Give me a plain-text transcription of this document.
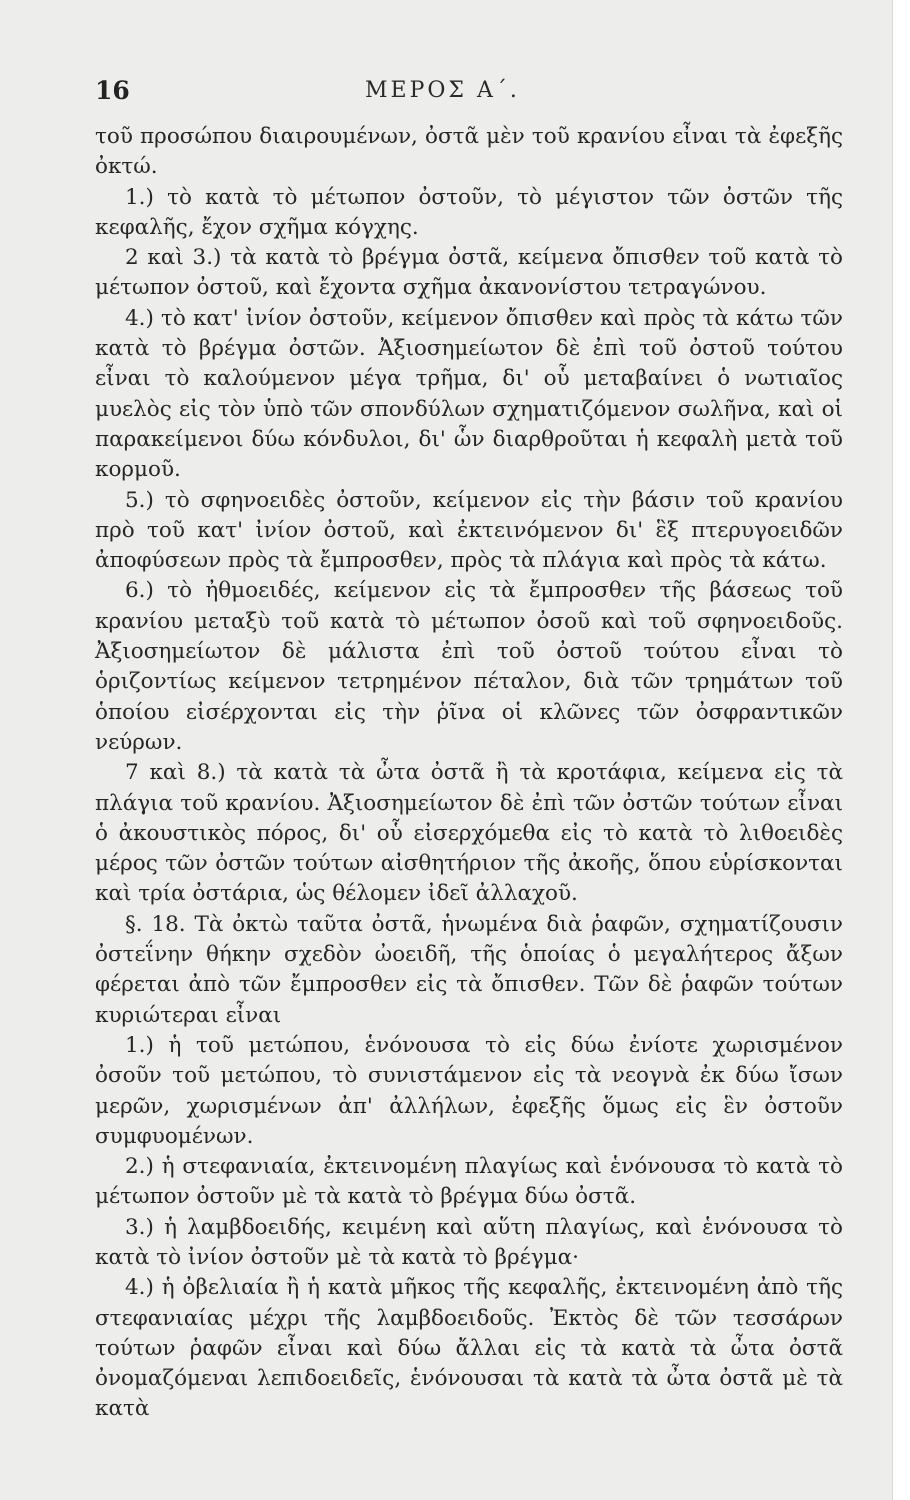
16	ΜΕΡΟΣ Α΄.

τοῦ προσώπου διαιρουμένων, ὀστᾶ μὲν τοῦ κρανίου εἶναι τὰ ἐφεξῆς ὀκτώ.

1.) τὸ κατὰ τὸ μέτωπον ὀστοῦν, τὸ μέγιστον τῶν ὀστῶν τῆς κεφαλῆς, ἔχον σχῆμα κόγχης.

2 καὶ 3.) τὰ κατὰ τὸ βρέγμα ὀστᾶ, κείμενα ὄπισθεν τοῦ κατὰ τὸ μέτωπον ὀστοῦ, καὶ ἔχοντα σχῆμα ἀκανονίστου τετραγώνου.

4.) τὸ κατ' ἰνίον ὀστοῦν, κείμενον ὄπισθεν καὶ πρὸς τὰ κάτω τῶν κατὰ τὸ βρέγμα ὀστῶν. Ἀξιοσημείωτον δὲ ἐπὶ τοῦ ὀστοῦ τούτου εἶναι τὸ καλούμενον μέγα τρῆμα, δι' οὗ μεταβαίνει ὁ νωτιαῖος μυελὸς εἰς τὸν ὑπὸ τῶν σπονδύλων σχηματιζόμενον σωλῆνα, καὶ οἱ παρακείμενοι δύω κόνδυλοι, δι' ὧν διαρθροῦται ἡ κεφαλὴ μετὰ τοῦ κορμοῦ.

5.) τὸ σφηνοειδὲς ὀστοῦν, κείμενον εἰς τὴν βάσιν τοῦ κρανίου πρὸ τοῦ κατ' ἰνίον ὀστοῦ, καὶ ἐκτεινόμενον δι' ἓξ πτερυγοειδῶν ἀποφύσεων πρὸς τὰ ἔμπροσθεν, πρὸς τὰ πλάγια καὶ πρὸς τὰ κάτω.

6.) τὸ ἠθμοειδές, κείμενον εἰς τὰ ἔμπροσθεν τῆς βάσεως τοῦ κρανίου μεταξὺ τοῦ κατὰ τὸ μέτωπον ὀσοῦ καὶ τοῦ σφηνοειδοῦς. Ἀξιοσημείωτον δὲ μάλιστα ἐπὶ τοῦ ὀστοῦ τούτου εἶναι τὸ ὁριζοντίως κείμενον τετρημένον πέταλον, διὰ τῶν τρημάτων τοῦ ὁποίου εἰσέρχονται εἰς τὴν ῥῖνα οἱ κλῶνες τῶν ὀσφραντικῶν νεύρων.

7 καὶ 8.) τὰ κατὰ τὰ ὦτα ὀστᾶ ἢ τὰ κροτάφια, κείμενα εἰς τὰ πλάγια τοῦ κρανίου. Ἀξιοσημείωτον δὲ ἐπὶ τῶν ὀστῶν τούτων εἶναι ὁ ἀκουστικὸς πόρος, δι' οὗ εἰσερχόμεθα εἰς τὸ κατὰ τὸ λιθοειδὲς μέρος τῶν ὀστῶν τούτων αἰσθητήριον τῆς ἀκοῆς, ὅπου εὑρίσκονται καὶ τρία ὀστάρια, ὡς θέλομεν ἰδεῖ ἀλλαχοῦ.

§. 18. Τὰ ὀκτὼ ταῦτα ὀστᾶ, ἡνωμένα διὰ ῥαφῶν, σχηματίζουσιν ὀστεΐνην θήκην σχεδὸν ὠοειδῆ, τῆς ὁποίας ὁ μεγαλήτερος ἄξων φέρεται ἀπὸ τῶν ἔμπροσθεν εἰς τὰ ὄπισθεν. Τῶν δὲ ῥαφῶν τούτων κυριώτεραι εἶναι

1.) ἡ τοῦ μετώπου, ἑνόνουσα τὸ εἰς δύω ἐνίοτε χωρισμένον ὀσοῦν τοῦ μετώπου, τὸ συνιστάμενον εἰς τὰ νεογνὰ ἐκ δύω ἴσων μερῶν, χωρισμένων ἀπ' ἀλλήλων, ἐφεξῆς ὅμως εἰς ἓν ὀστοῦν συμφυομένων.

2.) ἡ στεφανιαία, ἐκτεινομένη πλαγίως καὶ ἑνόνουσα τὸ κατὰ τὸ μέτωπον ὀστοῦν μὲ τὰ κατὰ τὸ βρέγμα δύω ὀστᾶ.

3.) ἡ λαμβδοειδής, κειμένη καὶ αὕτη πλαγίως, καὶ ἑνόνουσα τὸ κατὰ τὸ ἰνίον ὀστοῦν μὲ τὰ κατὰ τὸ βρέγμα·

4.) ἡ ὀβελιαία ἢ ἡ κατὰ μῆκος τῆς κεφαλῆς, ἐκτεινομένη ἀπὸ τῆς στεφανιαίας μέχρι τῆς λαμβδοειδοῦς. Ἐκτὸς δὲ τῶν τεσσάρων τούτων ῥαφῶν εἶναι καὶ δύω ἄλλαι εἰς τὰ κατὰ τὰ ὦτα ὀστᾶ ὀνομαζόμεναι λεπιδοειδεῖς, ἑνόνουσαι τὰ κατὰ τὰ ὦτα ὀστᾶ μὲ τὰ κατὰ
